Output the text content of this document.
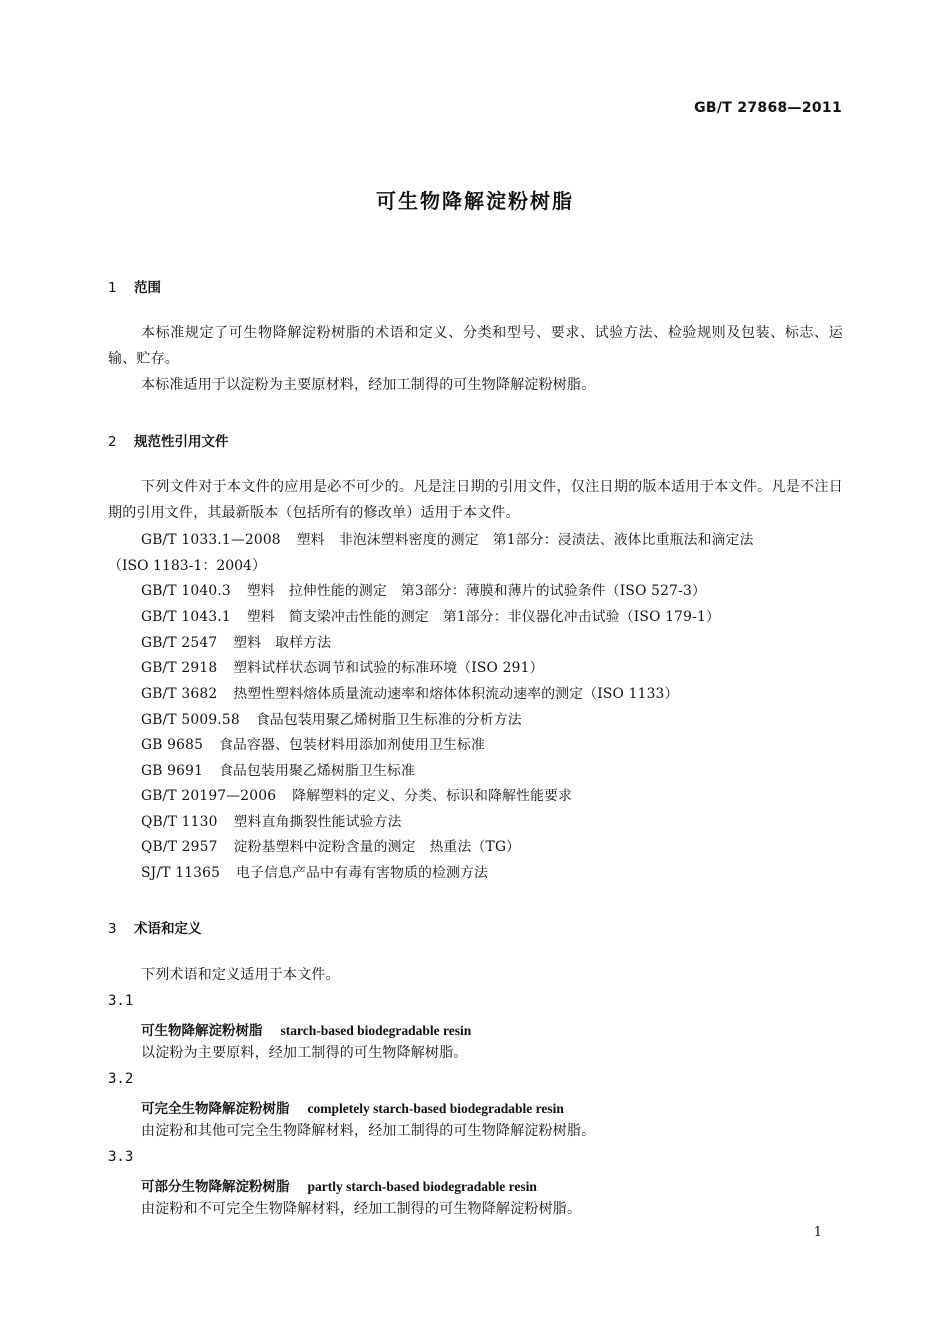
GB/T 27868—2011
可生物降解淀粉树脂
1 范围
本标准规定了可生物降解淀粉树脂的术语和定义、分类和型号、要求、试验方法、检验规则及包装、标志、运输、贮存。
本标准适用于以淀粉为主要原材料，经加工制得的可生物降解淀粉树脂。
2 规范性引用文件
下列文件对于本文件的应用是必不可少的。凡是注日期的引用文件，仅注日期的版本适用于本文件。凡是不注日期的引用文件，其最新版本（包括所有的修改单）适用于本文件。
GB/T 1033.1—2008 塑料　非泡沫塑料密度的测定　第1部分：浸渍法、液体比重瓶法和滴定法
（ISO 1183-1：2004）
GB/T 1040.3 塑料　拉伸性能的测定　第3部分：薄膜和薄片的试验条件（ISO 527-3）
GB/T 1043.1 塑料　简支梁冲击性能的测定　第1部分：非仪器化冲击试验（ISO 179-1）
GB/T 2547 塑料　取样方法
GB/T 2918 塑料试样状态调节和试验的标准环境（ISO 291）
GB/T 3682 热塑性塑料熔体质量流动速率和熔体体积流动速率的测定（ISO 1133）
GB/T 5009.58 食品包装用聚乙烯树脂卫生标准的分析方法
GB 9685 食品容器、包装材料用添加剂使用卫生标准
GB 9691 食品包装用聚乙烯树脂卫生标准
GB/T 20197—2006 降解塑料的定义、分类、标识和降解性能要求
QB/T 1130 塑料直角撕裂性能试验方法
QB/T 2957 淀粉基塑料中淀粉含量的测定　热重法（TG）
SJ/T 11365 电子信息产品中有毒有害物质的检测方法
3 术语和定义
下列术语和定义适用于本文件。
3.1
可生物降解淀粉树脂 starch-based biodegradable resin
以淀粉为主要原料，经加工制得的可生物降解树脂。
3.2
可完全生物降解淀粉树脂 completely starch-based biodegradable resin
由淀粉和其他可完全生物降解材料，经加工制得的可生物降解淀粉树脂。
3.3
可部分生物降解淀粉树脂 partly starch-based biodegradable resin
由淀粉和不可完全生物降解材料，经加工制得的可生物降解淀粉树脂。
1
